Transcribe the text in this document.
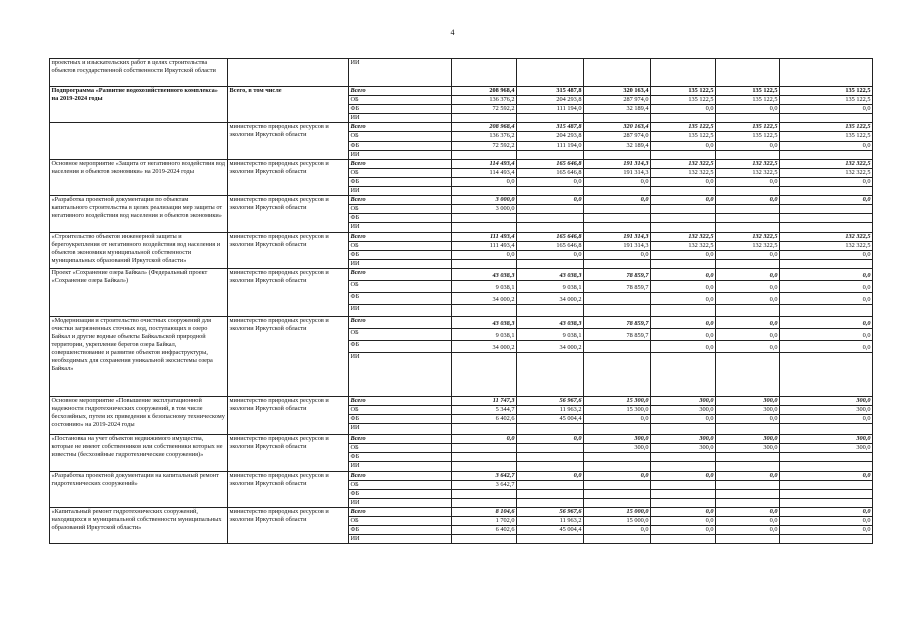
4
проектных и изыскательских работ в целях строительства объектов государственной собственности Иркутской области		ИИ						
Подпрограмма «Развитие водохозяйственного комплекса» на 2019-2024 годы	Всего, в том числе	Всего	208 968,4	315 487,8	320 163,4	135 122,5	135 122,5	135 122,5
		ОБ	136 376,2	204 293,8	287 974,0	135 122,5	135 122,5	135 122,5
		ФБ	72 592,2	111 194,0	32 189,4	0,0	0,0	0,0
		ИИ						
	министерство природных ресурсов и экологии Иркутской области	Всего	208 968,4	315 487,8	320 163,4	135 122,5	135 122,5	135 122,5
		ОБ	136 376,2	204 293,8	287 974,0	135 122,5	135 122,5	135 122,5
		ФБ	72 592,2	111 194,0	32 189,4	0,0	0,0	0,0
		ИИ						
Основное мероприятие «Защита от негативного воздействия вод населения и объектов экономики» на 2019-2024 годы	министерство природных ресурсов и экологии Иркутской области	Всего	114 493,4	165 646,8	191 314,3	132 322,5	132 322,5	132 322,5
		ОБ	114 493,4	165 646,8	191 314,3	132 322,5	132 322,5	132 322,5
		ФБ	0,0	0,0	0,0	0,0	0,0	0,0
		ИИ						
«Разработка проектной документации по объектам капитального строительства в целях реализации мер защиты от негативного воздействия вод населения и объектов экономики»	министерство природных ресурсов и экологии Иркутской области	Всего	3 000,0	0,0	0,0	0,0	0,0	0,0
		ОБ	3 000,0					
		ФБ						
		ИИ						
«Строительство объектов инженерной защиты и берегоукрепления от негативного воздействия вод населения и объектов экономики муниципальной собственности муниципальных образований Иркутской области»	министерство природных ресурсов и экологии Иркутской области	Всего	111 493,4	165 646,8	191 314,3	132 322,5	132 322,5	132 322,5
		ОБ	111 493,4	165 646,8	191 314,3	132 322,5	132 322,5	132 322,5
		ФБ	0,0	0,0	0,0	0,0	0,0	0,0
		ИИ						
Проект «Сохранение озера Байкал» (Федеральный проект «Сохранение озера Байкал»)	министерство природных ресурсов и экологии Иркутской области	Всего	43 038,3	43 038,3	78 859,7	0,0	0,0	0,0
		ОБ	9 038,1	9 038,1	78 859,7	0,0	0,0	0,0
		ФБ	34 000,2	34 000,2		0,0	0,0	0,0
		ИИ						
«Модернизация и строительство очистных сооружений для очистки загрязненных сточных вод, поступающих в озеро Байкал и другие водные объекты Байкальской природной территории, укрепление берегов озера Байкал, совершенствование и развитие объектов инфраструктуры, необходимых для сохранения уникальной экосистемы озера Байкал»	министерство природных ресурсов и экологии Иркутской области	Всего	43 038,3	43 038,3	78 859,7	0,0	0,0	0,0
		ОБ	9 038,1	9 038,1	78 859,7	0,0	0,0	0,0
		ФБ	34 000,2	34 000,2		0,0	0,0	0,0
		ИИ						
Основное мероприятие «Повышение эксплуатационной надежности гидротехнических сооружений, в том числе бесхозяйных, путем их приведения к безопасному техническому состоянию» на 2019-2024 годы	министерство природных ресурсов и экологии Иркутской области	Всего	11 747,3	56 967,6	15 300,0	300,0	300,0	300,0
		ОБ	5 344,7	11 963,2	15 300,0	300,0	300,0	300,0
		ФБ	6 402,6	45 004,4	0,0	0,0	0,0	0,0
		ИИ						
«Постановка на учет объектов недвижимого имущества, которые не имеют собственников или собственники которых не известны (бесхозяйные гидротехнические сооружения)»	министерство природных ресурсов и экологии Иркутской области	Всего	0,0	0,0	300,0	300,0	300,0	300,0
		ОБ			300,0	300,0	300,0	300,0
		ФБ						
		ИИ						
«Разработка проектной документации на капитальный ремонт гидротехнических сооружений»	министерство природных ресурсов и экологии Иркутской области	Всего	3 642,7	0,0	0,0	0,0	0,0	0,0
		ОБ	3 642,7					
		ФБ						
		ИИ						
«Капитальный ремонт гидротехнических сооружений, находящихся в муниципальной собственности муниципальных образований Иркутской области»	министерство природных ресурсов и экологии Иркутской области	Всего	8 104,6	56 967,6	15 000,0	0,0	0,0	0,0
		ОБ	1 702,0	11 963,2	15 000,0	0,0	0,0	0,0
		ФБ	6 402,6	45 004,4	0,0	0,0	0,0	0,0
		ИИ						
